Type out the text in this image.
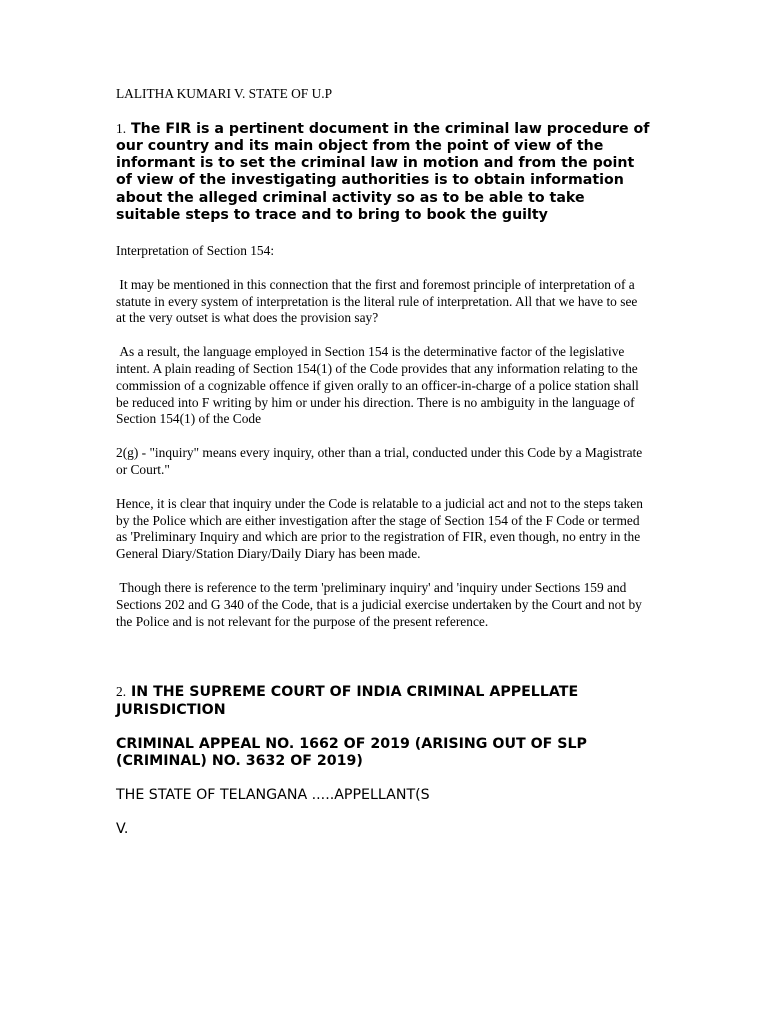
LALITHA KUMARI V. STATE OF U.P

1. The FIR is a pertinent document in the criminal law procedure of our country and its main object from the point of view of the informant is to set the criminal law in motion and from the point of view of the investigating authorities is to obtain information about the alleged criminal activity so as to be able to take suitable steps to trace and to bring to book the guilty

Interpretation of Section 154:

It may be mentioned in this connection that the first and foremost principle of interpretation of a statute in every system of interpretation is the literal rule of interpretation. All that we have to see at the very outset is what does the provision say?

As a result, the language employed in Section 154 is the determinative factor of the legislative intent. A plain reading of Section 154(1) of the Code provides that any information relating to the commission of a cognizable offence if given orally to an officer-in-charge of a police station shall be reduced into F writing by him or under his direction. There is no ambiguity in the language of Section 154(1) of the Code

2(g) - "inquiry" means every inquiry, other than a trial, conducted under this Code by a Magistrate or Court."

Hence, it is clear that inquiry under the Code is relatable to a judicial act and not to the steps taken by the Police which are either investigation after the stage of Section 154 of the F Code or termed as 'Preliminary Inquiry and which are prior to the registration of FIR, even though, no entry in the General Diary/Station Diary/Daily Diary has been made.

Though there is reference to the term 'preliminary inquiry' and 'inquiry under Sections 159 and Sections 202 and G 340 of the Code, that is a judicial exercise undertaken by the Court and not by the Police and is not relevant for the purpose of the present reference.

2. IN THE SUPREME COURT OF INDIA CRIMINAL APPELLATE JURISDICTION

CRIMINAL APPEAL NO. 1662 OF 2019 (ARISING OUT OF SLP (CRIMINAL) NO. 3632 OF 2019)

THE STATE OF TELANGANA .....APPELLANT(S

V.
